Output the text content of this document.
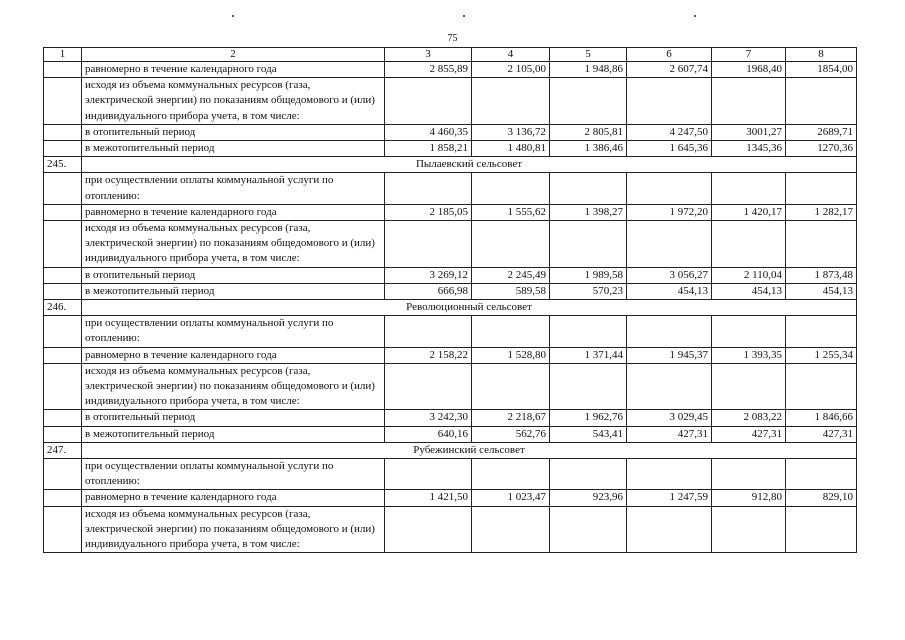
75
1	2	3	4	5	6	7	8
	равномерно в течение календарного года	2 855,89	2 105,00	1 948,86	2 607,74	1968,40	1854,00
	исходя из объема коммунальных ресурсов (газа, электрической энергии) по показаниям общедомового и (или) индивидуального прибора учета, в том числе:						
	в отопительный период	4 460,35	3 136,72	2 805,81	4 247,50	3001,27	2689,71
	в межотопительный период	1 858,21	1 480,81	1 386,46	1 645,36	1345,36	1270,36
245.	Пылаевский сельсовет						
	при осуществлении оплаты коммунальной услуги по отоплению:						
	равномерно в течение календарного года	2 185,05	1 555,62	1 398,27	1 972,20	1 420,17	1 282,17
	исходя из объема коммунальных ресурсов (газа, электрической энергии) по показаниям общедомового и (или) индивидуального прибора учета, в том числе:						
	в отопительный период	3 269,12	2 245,49	1 989,58	3 056,27	2 110,04	1 873,48
	в межотопительный период	666,98	589,58	570,23	454,13	454,13	454,13
246.	Революционный сельсовет						
	при осуществлении оплаты коммунальной услуги по отоплению:						
	равномерно в течение календарного года	2 158,22	1 528,80	1 371,44	1 945,37	1 393,35	1 255,34
	исходя из объема коммунальных ресурсов (газа, электрической энергии) по показаниям общедомового и (или) индивидуального прибора учета, в том числе:						
	в отопительный период	3 242,30	2 218,67	1 962,76	3 029,45	2 083,22	1 846,66
	в межотопительный период	640,16	562,76	543,41	427,31	427,31	427,31
247.	Рубежинский сельсовет						
	при осуществлении оплаты коммунальной услуги по отоплению:						
	равномерно в течение календарного года	1 421,50	1 023,47	923,96	1 247,59	912,80	829,10
	исходя из объема коммунальных ресурсов (газа, электрической энергии) по показаниям общедомового и (или) индивидуального прибора учета, в том числе:						
